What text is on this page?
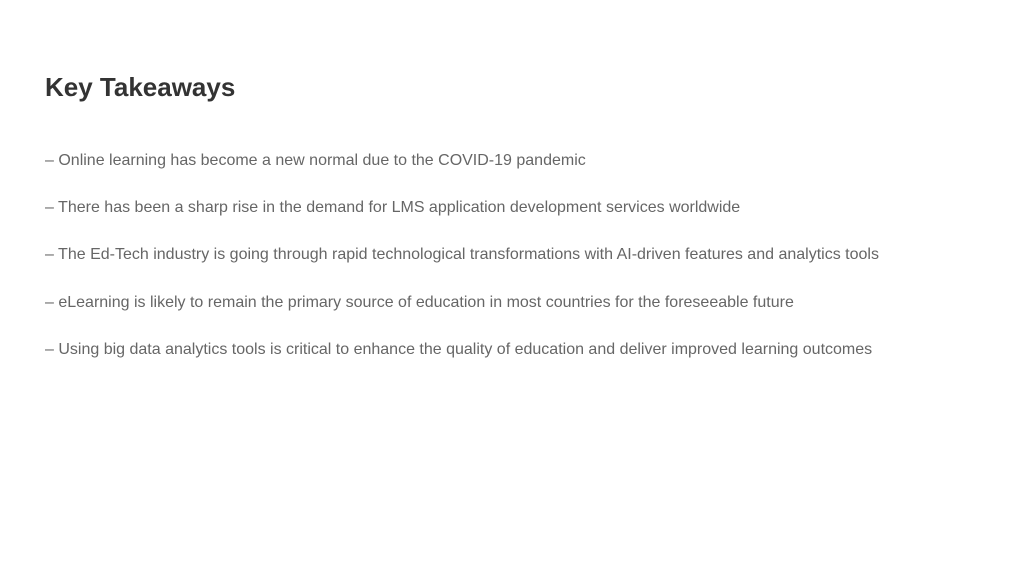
Key Takeaways
– Online learning has become a new normal due to the COVID-19 pandemic
– There has been a sharp rise in the demand for LMS application development services worldwide
– The Ed-Tech industry is going through rapid technological transformations with AI-driven features and analytics tools
– eLearning is likely to remain the primary source of education in most countries for the foreseeable future
– Using big data analytics tools is critical to enhance the quality of education and deliver improved learning outcomes
